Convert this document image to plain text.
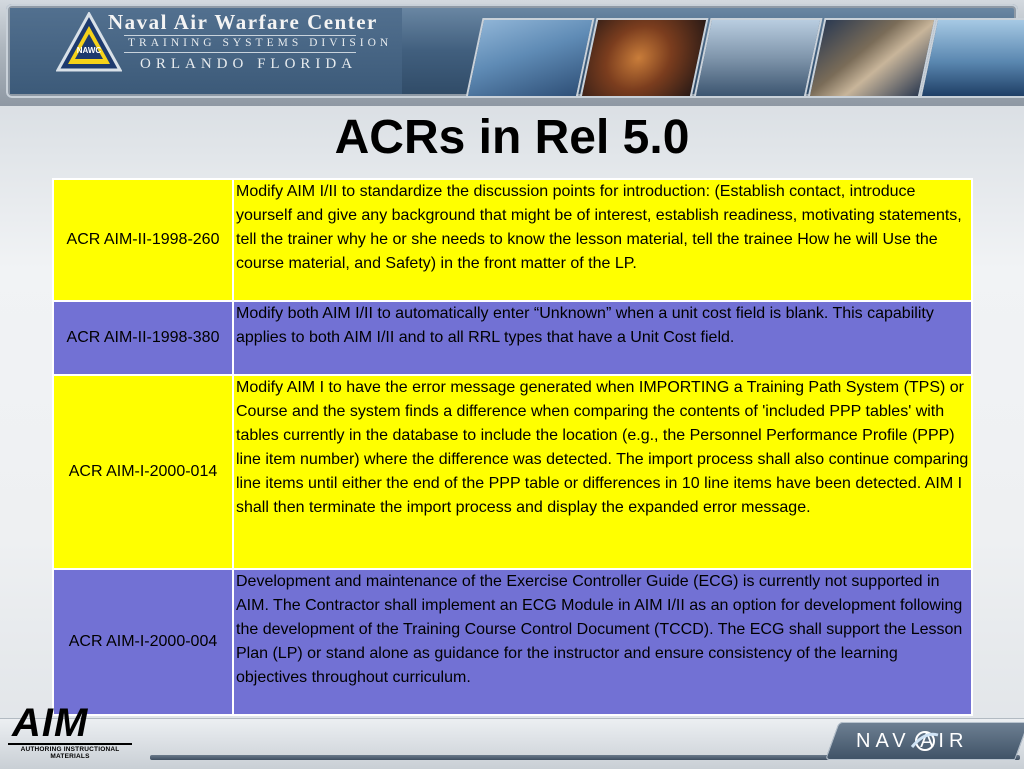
NAWC
Naval Air Warfare Center
TRAINING SYSTEMS DIVISION
ORLANDO FLORIDA
ACRs in Rel 5.0
ACR AIM-II-1998-260	Modify AIM I/II to standardize the discussion points for introduction: (Establish contact, introduce yourself and give any background that might be of interest, establish readiness, motivating statements, tell the trainer why he or she needs to know the lesson material, tell the trainee How he will Use the course material, and Safety) in the front matter of the LP.
ACR AIM-II-1998-380	Modify both AIM I/II to automatically enter “Unknown” when a unit cost field is blank. This capability applies to both AIM I/II and to all RRL types that have a Unit Cost field.
ACR AIM-I-2000-014	Modify AIM I to have the error message generated when IMPORTING a Training Path System (TPS) or Course and the system finds a difference when comparing the contents of 'included PPP tables' with tables currently in the database to include the location (e.g., the Personnel Performance Profile (PPP) line item number) where the difference was detected. The import process shall also continue comparing line items until either the end of the PPP table or differences in 10 line items have been detected. AIM I shall then terminate the import process and display the expanded error message.
ACR AIM-I-2000-004	Development and maintenance of the Exercise Controller Guide (ECG) is currently not supported in AIM. The Contractor shall implement an ECG Module in AIM I/II as an option for development following the development of the Training Course Control Document (TCCD). The ECG shall support the Lesson Plan (LP) or stand alone as guidance for the instructor and ensure consistency of the learning objectives throughout curriculum.
AIM
AUTHORING INSTRUCTIONAL MATERIALS
NAV AIR
